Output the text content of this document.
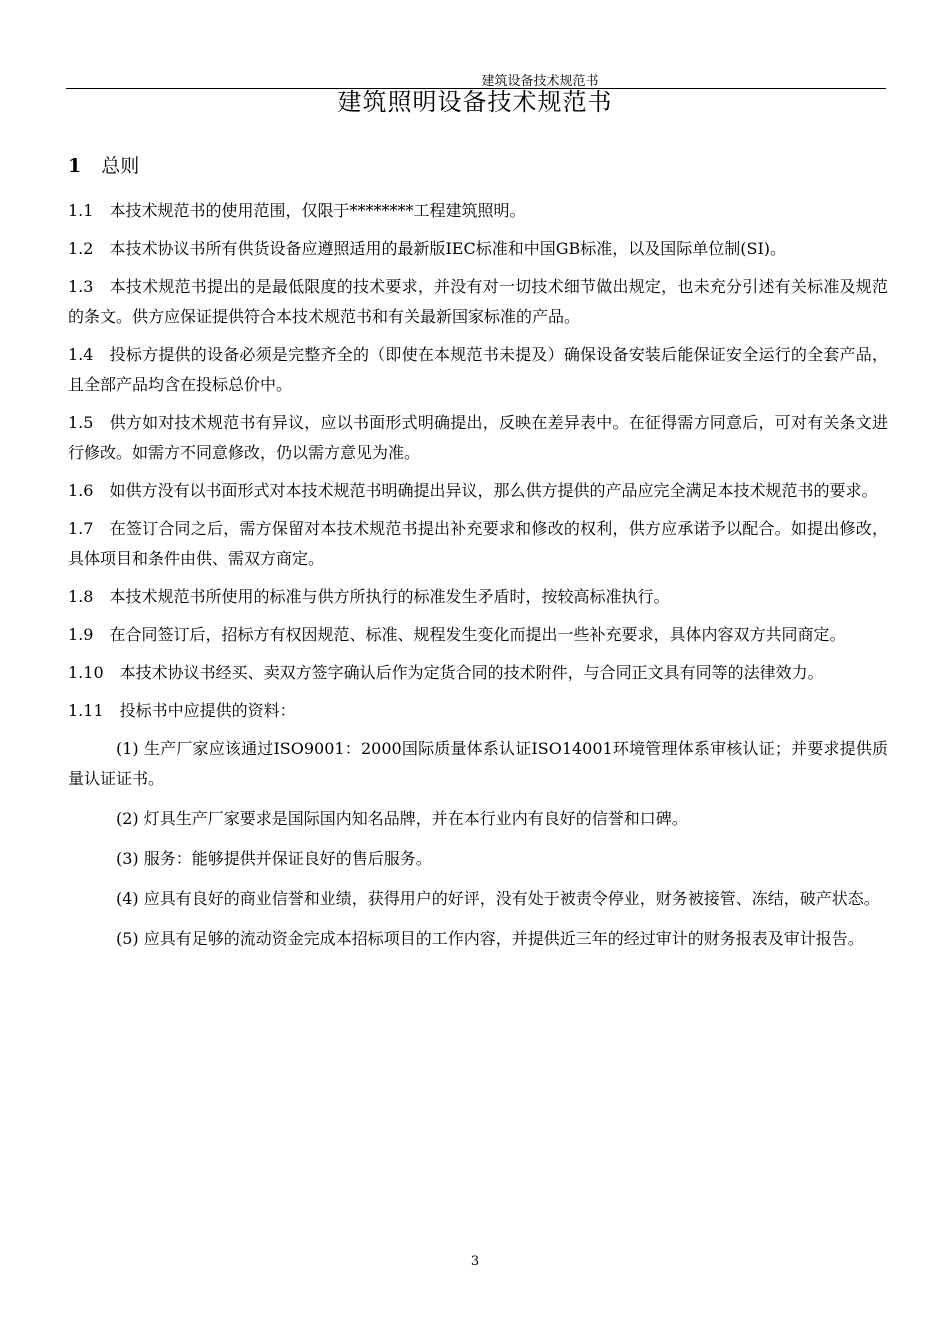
建筑设备技术规范书
建筑照明设备技术规范书
1 总则

1.1 本技术规范书的使用范围，仅限于********工程建筑照明。

1.2 本技术协议书所有供货设备应遵照适用的最新版IEC标准和中国GB标准，以及国际单位制(SI)。

1.3 本技术规范书提出的是最低限度的技术要求，并没有对一切技术细节做出规定，也未充分引述有关标准及规范的条文。供方应保证提供符合本技术规范书和有关最新国家标准的产品。

1.4 投标方提供的设备必须是完整齐全的（即使在本规范书未提及）确保设备安装后能保证安全运行的全套产品，且全部产品均含在投标总价中。

1.5 供方如对技术规范书有异议，应以书面形式明确提出，反映在差异表中。在征得需方同意后，可对有关条文进行修改。如需方不同意修改，仍以需方意见为准。

1.6 如供方没有以书面形式对本技术规范书明确提出异议，那么供方提供的产品应完全满足本技术规范书的要求。

1.7 在签订合同之后，需方保留对本技术规范书提出补充要求和修改的权利，供方应承诺予以配合。如提出修改，具体项目和条件由供、需双方商定。

1.8 本技术规范书所使用的标准与供方所执行的标准发生矛盾时，按较高标准执行。

1.9 在合同签订后，招标方有权因规范、标准、规程发生变化而提出一些补充要求，具体内容双方共同商定。

1.10 本技术协议书经买、卖双方签字确认后作为定货合同的技术附件，与合同正文具有同等的法律效力。

1.11 投标书中应提供的资料：

(1) 生产厂家应该通过ISO9001：2000国际质量体系认证ISO14001环境管理体系审核认证；并要求提供质量认证证书。

(2) 灯具生产厂家要求是国际国内知名品牌，并在本行业内有良好的信誉和口碑。

(3) 服务：能够提供并保证良好的售后服务。

(4) 应具有良好的商业信誉和业绩，获得用户的好评，没有处于被责令停业，财务被接管、冻结，破产状态。

(5) 应具有足够的流动资金完成本招标项目的工作内容，并提供近三年的经过审计的财务报表及审计报告。

3
